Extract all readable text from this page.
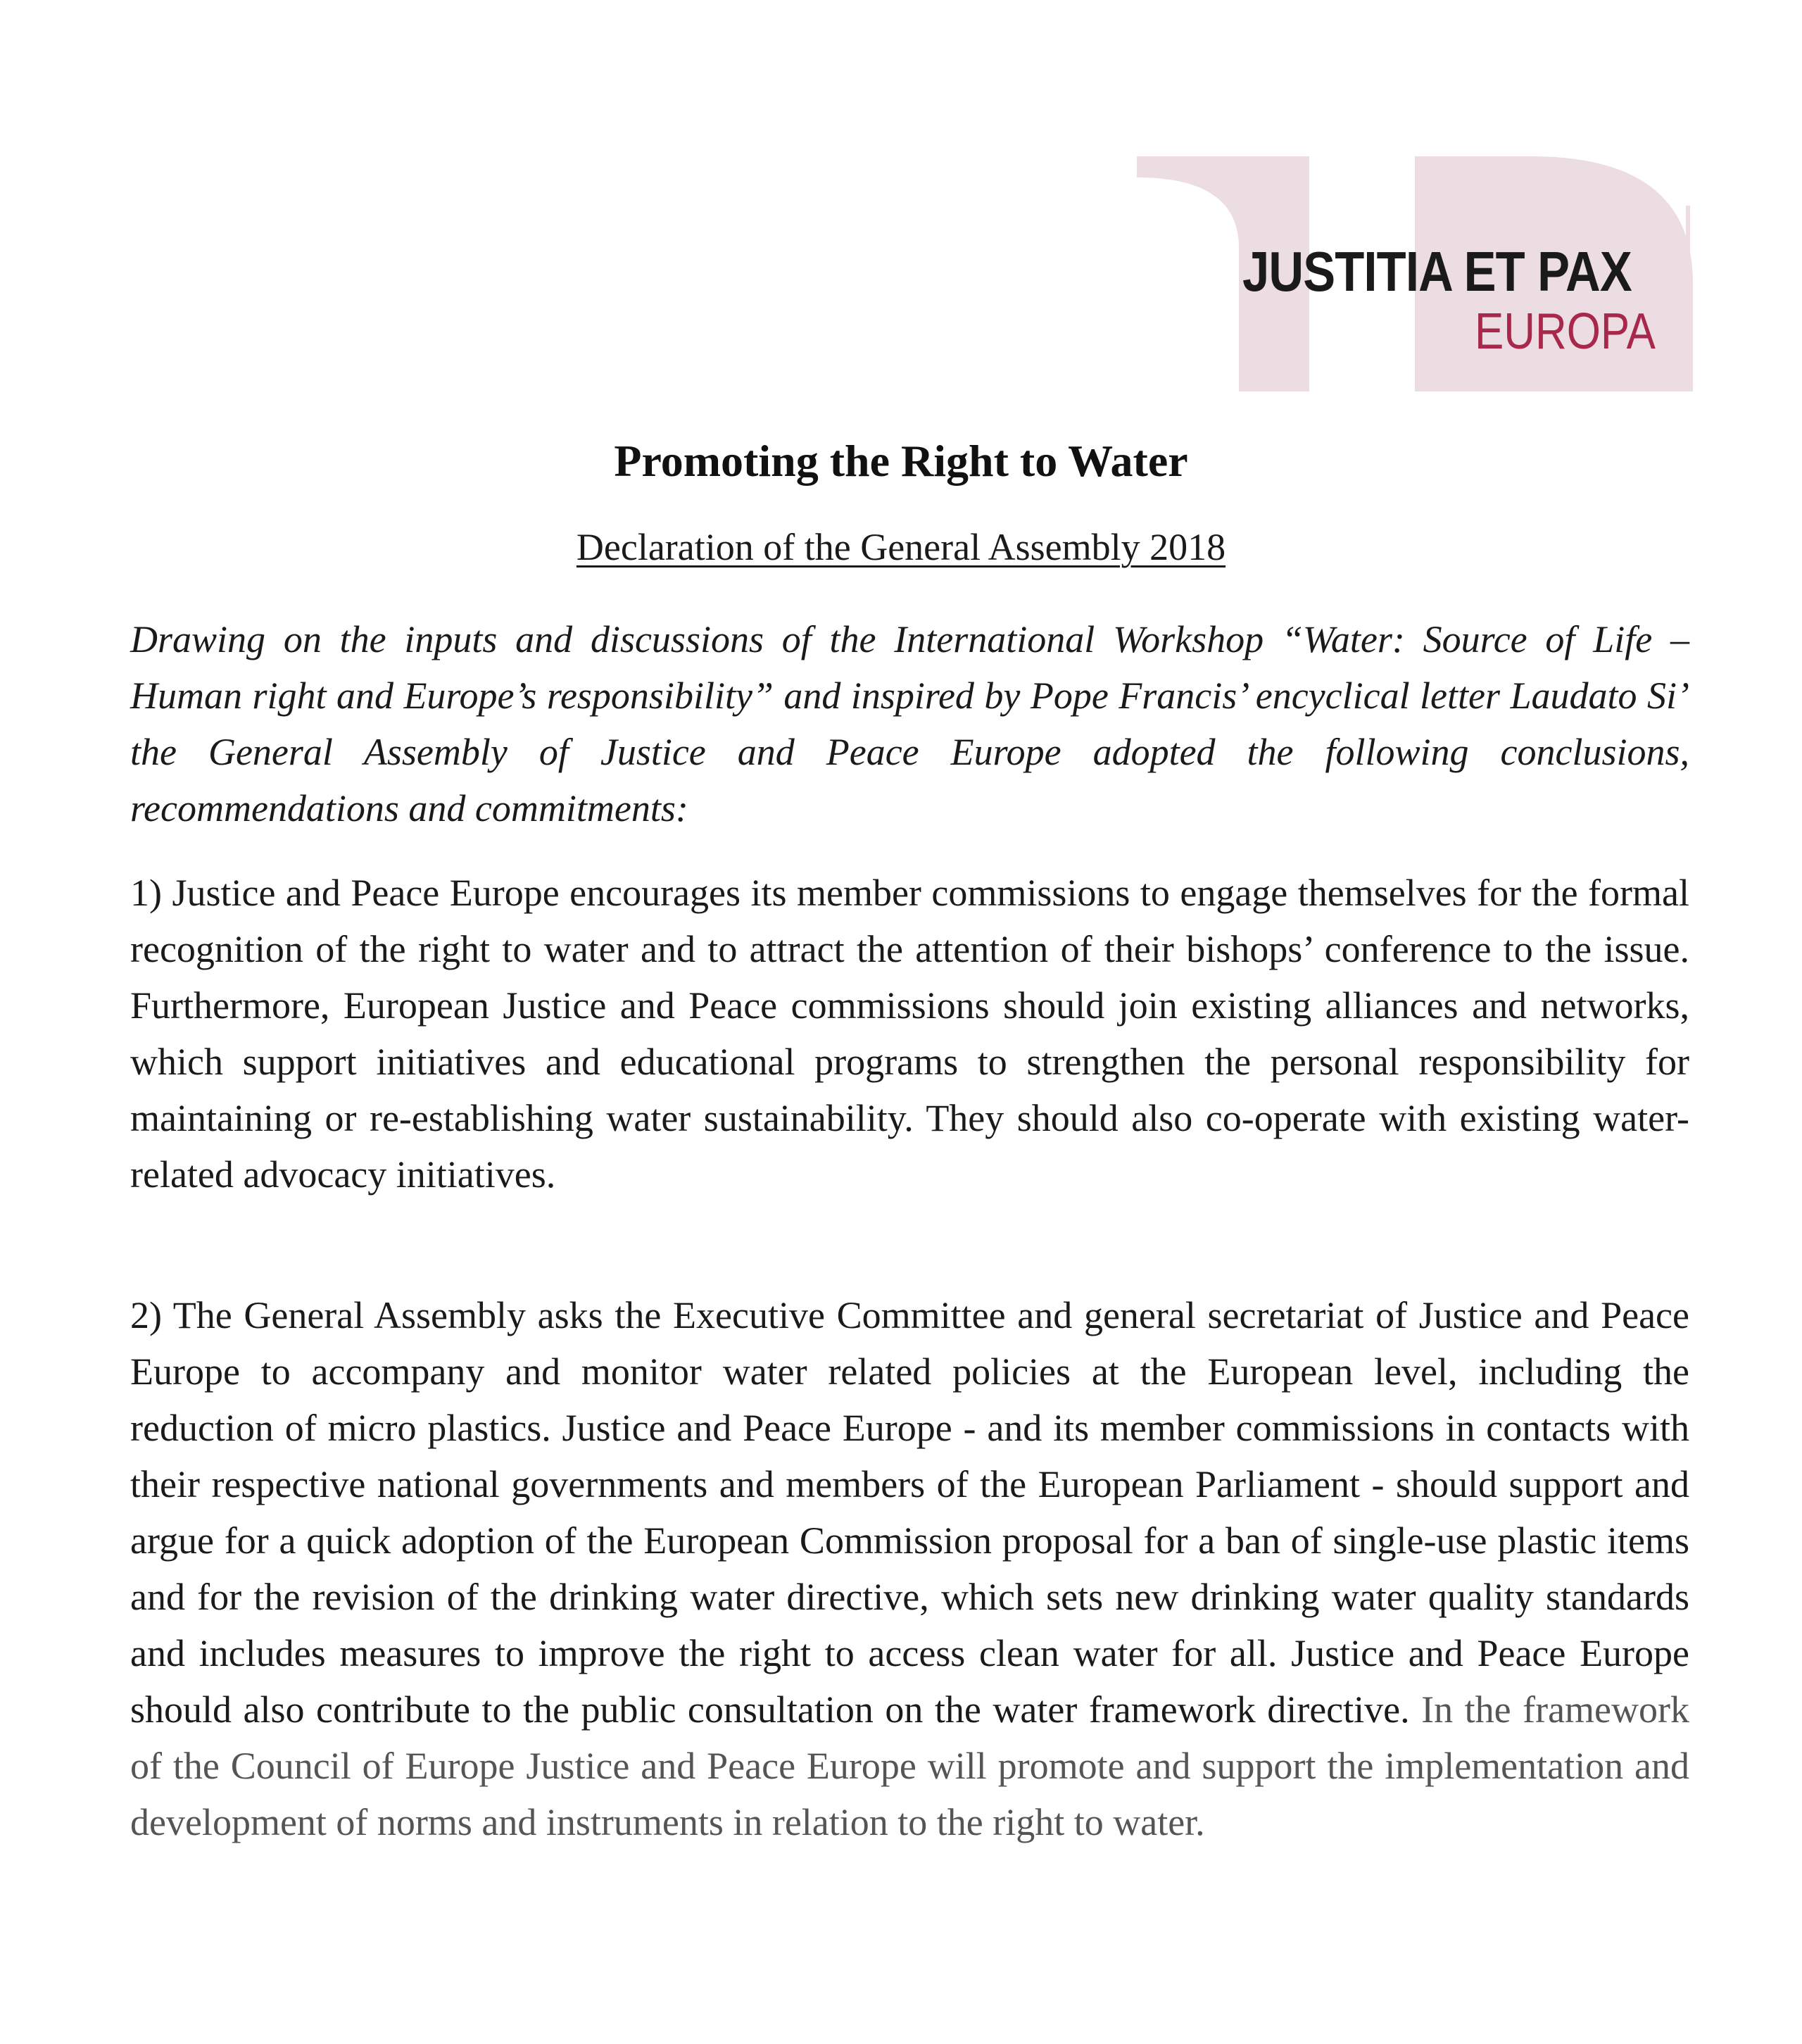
JUSTITIA ET PAX
EUROPA
Promoting the Right to Water
Declaration of the General Assembly 2018

Drawing on the inputs and discussions of the International Workshop “Water: Source of Life – Human right and Europe’s responsibility” and inspired by Pope Francis’ encyclical letter Laudato Si’ the General Assembly of Justice and Peace Europe adopted the following conclusions, recommendations and commitments:

1) Justice and Peace Europe encourages its member commissions to engage themselves for the formal recognition of the right to water and to attract the attention of their bishops’ conference to the issue. Furthermore, European Justice and Peace commissions should join existing alliances and networks, which support initiatives and educational programs to strengthen the personal responsibility for maintaining or re-establishing water sustainability. They should also co-operate with existing water-related advocacy initiatives.

2) The General Assembly asks the Executive Committee and general secretariat of Justice and Peace Europe to accompany and monitor water related policies at the European level, including the reduction of micro plastics. Justice and Peace Europe - and its member commissions in contacts with their respective national governments and members of the European Parliament - should support and argue for a quick adoption of the European Commission proposal for a ban of single-use plastic items and for the revision of the drinking water directive, which sets new drinking water quality standards and includes measures to improve the right to access clean water for all. Justice and Peace Europe should also contribute to the public consultation on the water framework directive. In the framework of the Council of Europe Justice and Peace Europe will promote and support the implementation and development of norms and instruments in relation to the right to water.
